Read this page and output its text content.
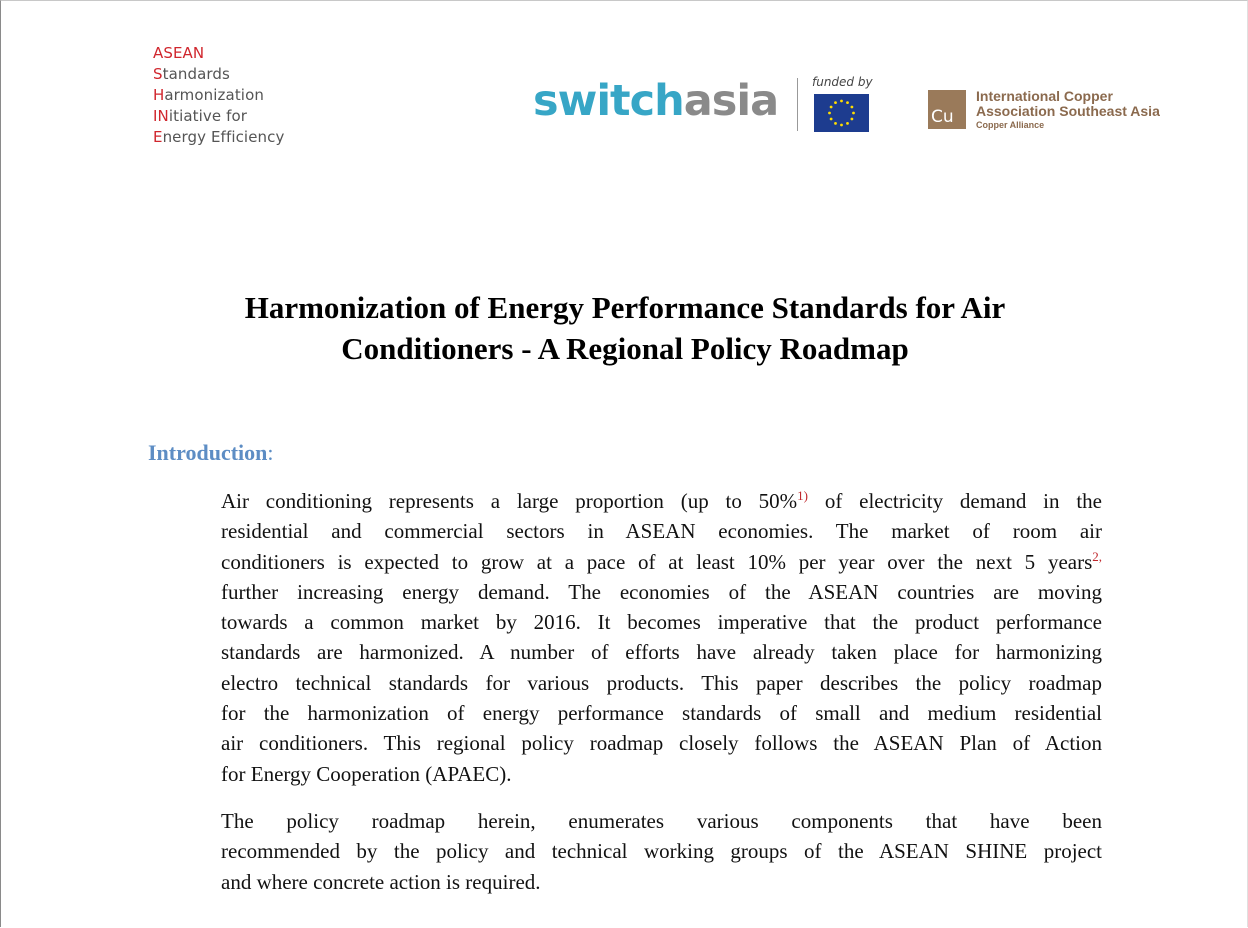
ASEAN
Standards
Harmonization
INitiative for
Energy Efficiency
switchasia	funded by
Cu
International Copper
Association Southeast Asia
Copper Alliance
Harmonization of Energy Performance Standards for Air
Conditioners - A Regional Policy Roadmap
Introduction:
Air conditioning represents a large proportion (up to 50%$^{1)}$ of electricity demand in the
residential and commercial sectors in ASEAN economies. The market of room air
conditioners is expected to grow at a pace of at least 10% per year over the next 5 years$^{2,}$
further increasing energy demand. The economies of the ASEAN countries are moving
towards a common market by 2016. It becomes imperative that the product performance
standards are harmonized. A number of efforts have already taken place for harmonizing
electro technical standards for various products. This paper describes the policy roadmap
for the harmonization of energy performance standards of small and medium residential
air conditioners. This regional policy roadmap closely follows the ASEAN Plan of Action
for Energy Cooperation (APAEC).
The policy roadmap herein, enumerates various components that have been
recommended by the policy and technical working groups of the ASEAN SHINE project
and where concrete action is required.
